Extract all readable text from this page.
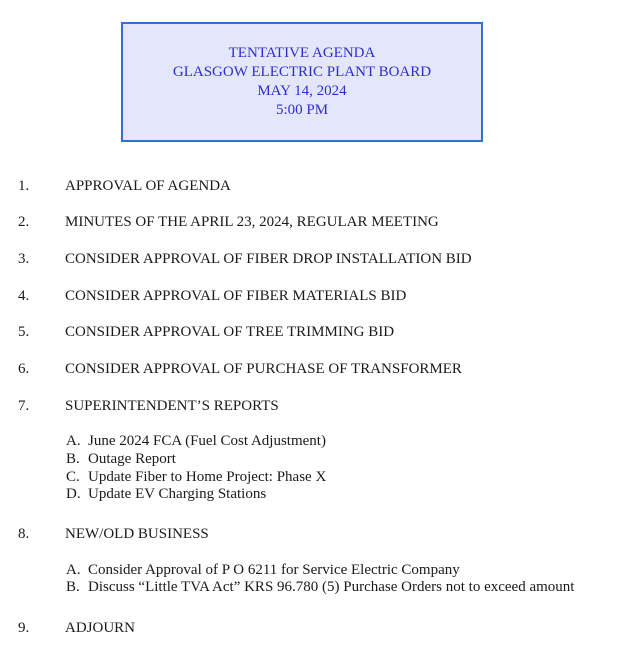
TENTATIVE AGENDA
GLASGOW ELECTRIC PLANT BOARD
MAY 14, 2024
5:00 PM
1. APPROVAL OF AGENDA
2. MINUTES OF THE APRIL 23, 2024, REGULAR MEETING
3. CONSIDER APPROVAL OF FIBER DROP INSTALLATION BID
4. CONSIDER APPROVAL OF FIBER MATERIALS BID
5. CONSIDER APPROVAL OF TREE TRIMMING BID
6. CONSIDER APPROVAL OF PURCHASE OF TRANSFORMER
7. SUPERINTENDENT’S REPORTS
A. June 2024 FCA (Fuel Cost Adjustment)
B. Outage Report
C. Update Fiber to Home Project: Phase X
D. Update EV Charging Stations
8. NEW/OLD BUSINESS
A. Consider Approval of P O 6211 for Service Electric Company
B. Discuss “Little TVA Act” KRS 96.780 (5) Purchase Orders not to exceed amount
9. ADJOURN
